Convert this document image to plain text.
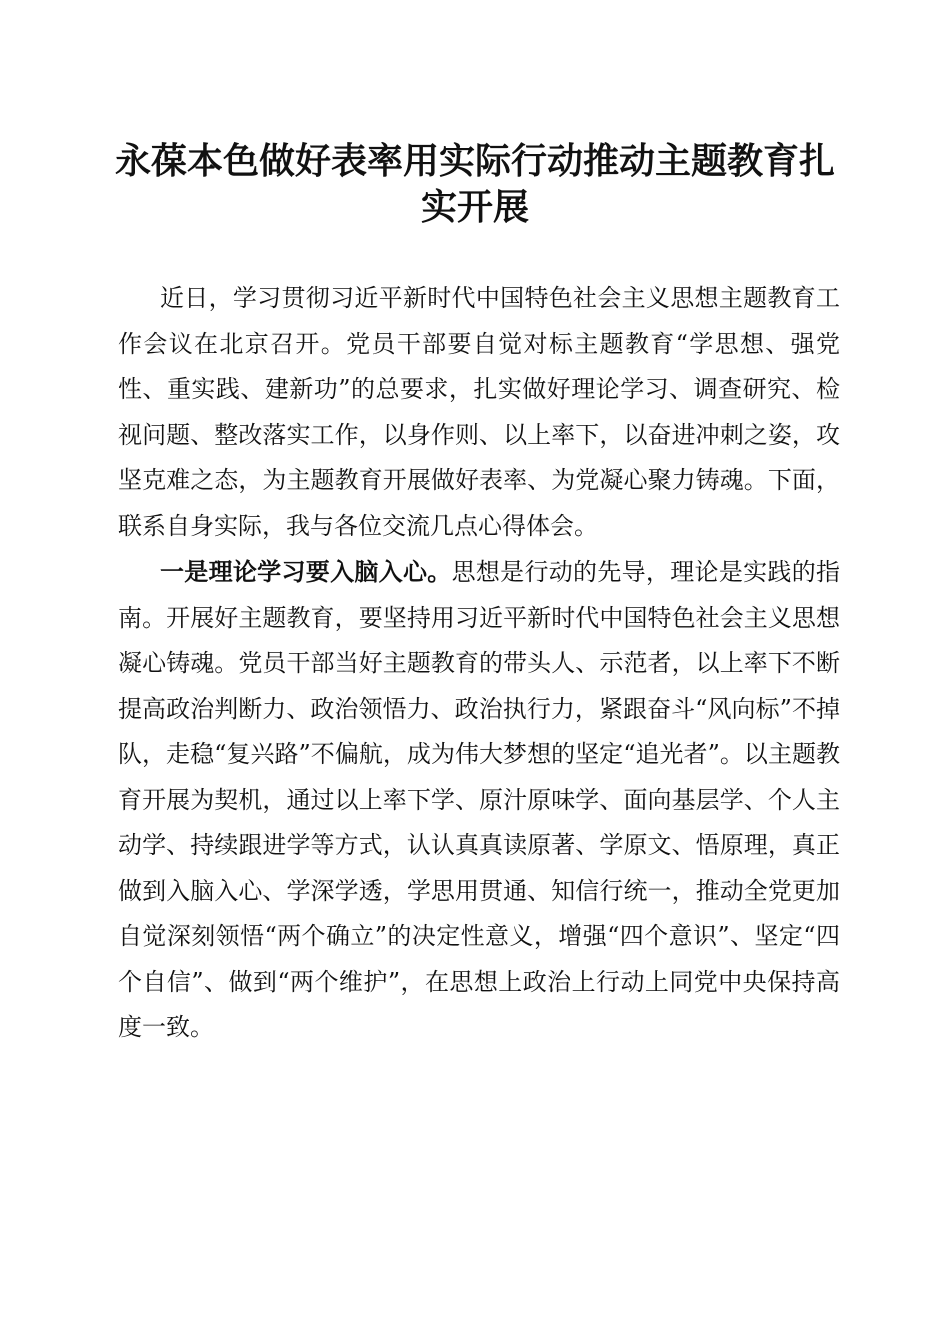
永葆本色做好表率用实际行动推动主题教育扎实开展

近日，学习贯彻习近平新时代中国特色社会主义思想主题教育工作会议在北京召开。党员干部要自觉对标主题教育“学思想、强党性、重实践、建新功”的总要求，扎实做好理论学习、调查研究、检视问题、整改落实工作，以身作则、以上率下，以奋进冲刺之姿，攻坚克难之态，为主题教育开展做好表率、为党凝心聚力铸魂。下面，联系自身实际，我与各位交流几点心得体会。

一是理论学习要入脑入心。思想是行动的先导，理论是实践的指南。开展好主题教育，要坚持用习近平新时代中国特色社会主义思想凝心铸魂。党员干部当好主题教育的带头人、示范者，以上率下不断提高政治判断力、政治领悟力、政治执行力，紧跟奋斗“风向标”不掉队，走稳“复兴路”不偏航，成为伟大梦想的坚定“追光者”。以主题教育开展为契机，通过以上率下学、原汁原味学、面向基层学、个人主动学、持续跟进学等方式，认认真真读原著、学原文、悟原理，真正做到入脑入心、学深学透，学思用贯通、知信行统一，推动全党更加自觉深刻领悟“两个确立”的决定性意义，增强“四个意识”、坚定“四个自信”、做到“两个维护”，在思想上政治上行动上同党中央保持高度一致。
